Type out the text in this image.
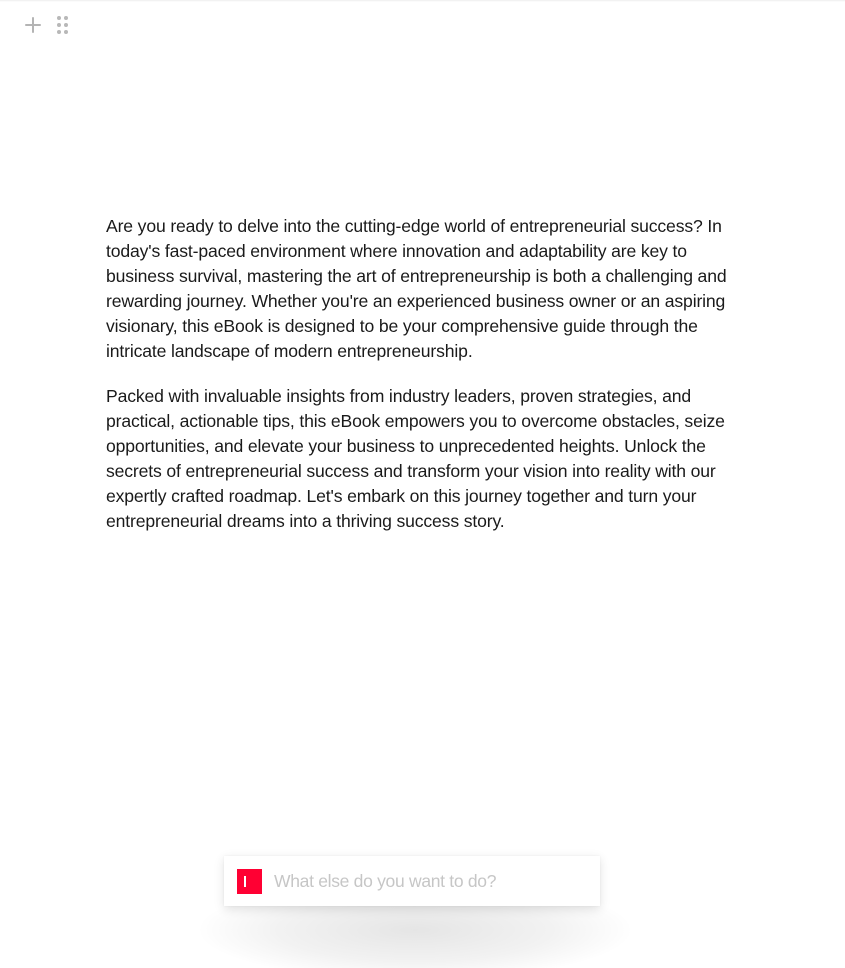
Are you ready to delve into the cutting-edge world of entrepreneurial success? In today's fast-paced environment where innovation and adaptability are key to business survival, mastering the art of entrepreneurship is both a challenging and rewarding journey. Whether you're an experienced business owner or an aspiring visionary, this eBook is designed to be your comprehensive guide through the intricate landscape of modern entrepreneurship.

Packed with invaluable insights from industry leaders, proven strategies, and practical, actionable tips, this eBook empowers you to overcome obstacles, seize opportunities, and elevate your business to unprecedented heights. Unlock the secrets of entrepreneurial success and transform your vision into reality with our expertly crafted roadmap. Let's embark on this journey together and turn your entrepreneurial dreams into a thriving success story.

What else do you want to do?
